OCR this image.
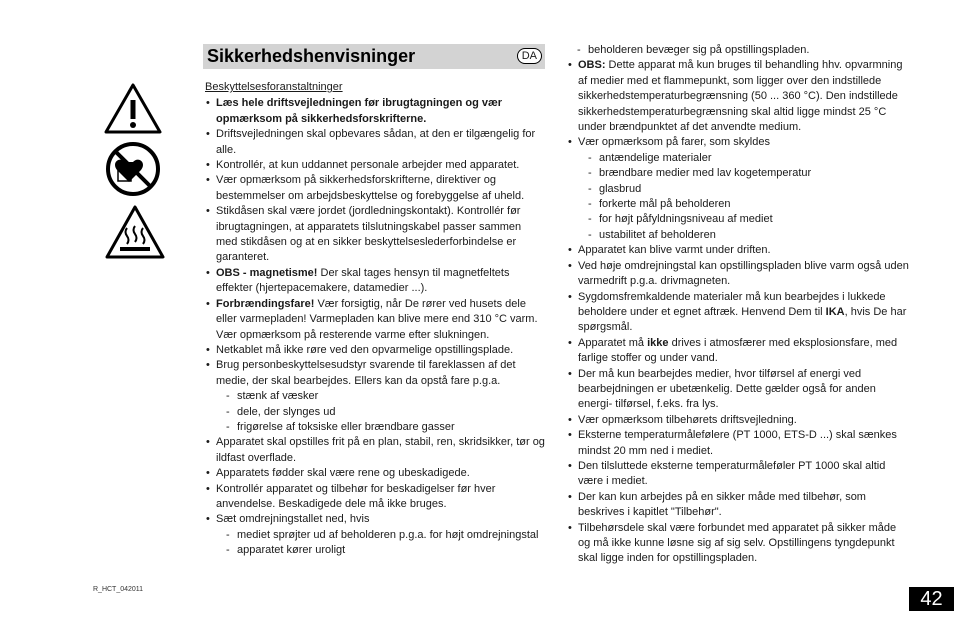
Sikkerhedshenvisninger	DA
Beskyttelsesforanstaltninger
• Læs hele driftsvejledningen før ibrugtagningen og vær opmærksom på sikkerhedsforskrifterne.
• Driftsvejledningen skal opbevares sådan, at den er tilgængelig for alle.
• Kontrollér, at kun uddannet personale arbejder med apparatet.
• Vær opmærksom på sikkerhedsforskrifterne, direktiver og bestemmelser om arbejdsbeskyttelse og forebyggelse af uheld.
• Stikdåsen skal være jordet (jordledningskontakt). Kontrollér før ibrugtagningen, at apparatets tilslutningskabel passer sammen med stikdåsen og at en sikker beskyttelseslederforbindelse er garanteret.
• OBS - magnetisme! Der skal tages hensyn til magnetfeltets effekter (hjertepacemakere, datamedier ...).
• Forbrændingsfare! Vær forsigtig, når De rører ved husets dele eller varmepladen! Varmepladen kan blive mere end 310 °C varm. Vær opmærksom på resterende varme efter slukningen.
• Netkablet må ikke røre ved den opvarmelige opstillingsplade.
• Brug personbeskyttelsesudstyr svarende til fareklassen af det medie, der skal bearbejdes. Ellers kan da opstå fare p.g.a.
- stænk af væsker
- dele, der slynges ud
- frigørelse af toksiske eller brændbare gasser
• Apparatet skal opstilles frit på en plan, stabil, ren, skridsikker, tør og ildfast overflade.
• Apparatets fødder skal være rene og ubeskadigede.
• Kontrollér apparatet og tilbehør for beskadigelser før hver anvendelse. Beskadigede dele må ikke bruges.
• Sæt omdrejningstallet ned, hvis
- mediet sprøjter ud af beholderen p.g.a. for højt omdrejningstal
- apparatet kører uroligt
- beholderen bevæger sig på opstillingspladen.
• OBS: Dette apparat må kun bruges til behandling hhv. opvarmning af medier med et flammepunkt, som ligger over den indstillede sikkerhedstemperaturbegrænsning (50 ... 360 °C). Den indstillede sikkerhedstemperaturbegrænsning skal altid ligge mindst 25 °C under brændpunktet af det anvendte medium.
• Vær opmærksom på farer, som skyldes
- antændelige materialer
- brændbare medier med lav kogetemperatur
- glasbrud
- forkerte mål på beholderen
- for højt påfyldningsniveau af mediet
- ustabilitet af beholderen
• Apparatet kan blive varmt under driften.
• Ved høje omdrejningstal kan opstillingspladen blive varm også uden varmedrift p.g.a. drivmagneten.
• Sygdomsfremkaldende materialer må kun bearbejdes i lukkede beholdere under et egnet aftræk. Henvend Dem til IKA, hvis De har spørgsmål.
• Apparatet må ikke drives i atmosfærer med eksplosionsfare, med farlige stoffer og under vand.
• Der må kun bearbejdes medier, hvor tilførsel af energi ved bearbejdningen er ubetænkelig. Dette gælder også for anden energi- tilførsel, f.eks. fra lys.
• Vær opmærksom tilbehørets driftsvejledning.
• Eksterne temperaturmålefølere (PT 1000, ETS-D ...) skal sænkes mindst 20 mm ned i mediet.
• Den tilsluttede eksterne temperaturmåleføler PT 1000 skal altid være i mediet.
• Der kan kun arbejdes på en sikker måde med tilbehør, som beskrives i kapitlet "Tilbehør".
• Tilbehørsdele skal være forbundet med apparatet på sikker måde og må ikke kunne løsne sig af sig selv. Opstillingens tyngdepunkt skal ligge inden for opstillingspladen.
R_HCT_042011	42
